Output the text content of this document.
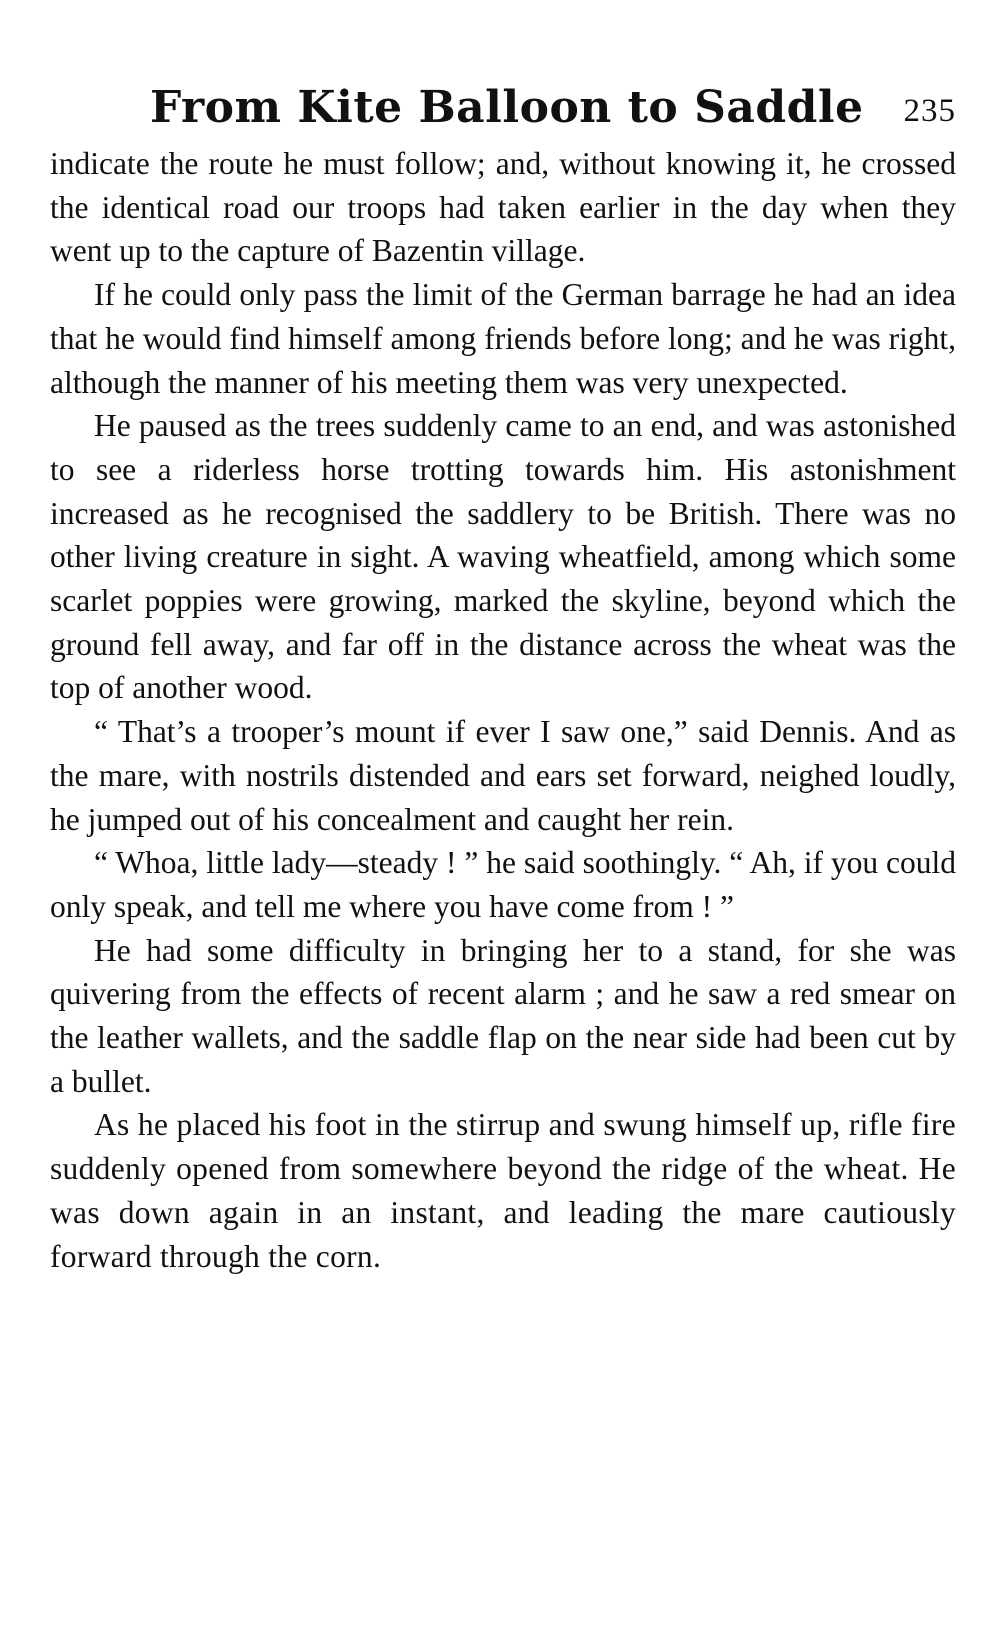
From Kite Balloon to Saddle 235

indicate the route he must follow; and, without knowing it, he crossed the identical road our troops had taken earlier in the day when they went up to the capture of Bazentin village.

If he could only pass the limit of the German barrage he had an idea that he would find himself among friends before long; and he was right, although the manner of his meeting them was very unexpected.

He paused as the trees suddenly came to an end, and was astonished to see a riderless horse trotting towards him. His astonishment increased as he recognised the saddlery to be British. There was no other living creature in sight. A waving wheatfield, among which some scarlet poppies were growing, marked the skyline, beyond which the ground fell away, and far off in the distance across the wheat was the top of another wood.

“ That’s a trooper’s mount if ever I saw one,” said Dennis. And as the mare, with nostrils distended and ears set forward, neighed loudly, he jumped out of his concealment and caught her rein.

“ Whoa, little lady—steady ! ” he said soothingly. “ Ah, if you could only speak, and tell me where you have come from ! ”

He had some difficulty in bringing her to a stand, for she was quivering from the effects of recent alarm ; and he saw a red smear on the leather wallets, and the saddle flap on the near side had been cut by a bullet.

As he placed his foot in the stirrup and swung himself up, rifle fire suddenly opened from somewhere beyond the ridge of the wheat. He was down again in an instant, and leading the mare cautiously forward through the corn.
